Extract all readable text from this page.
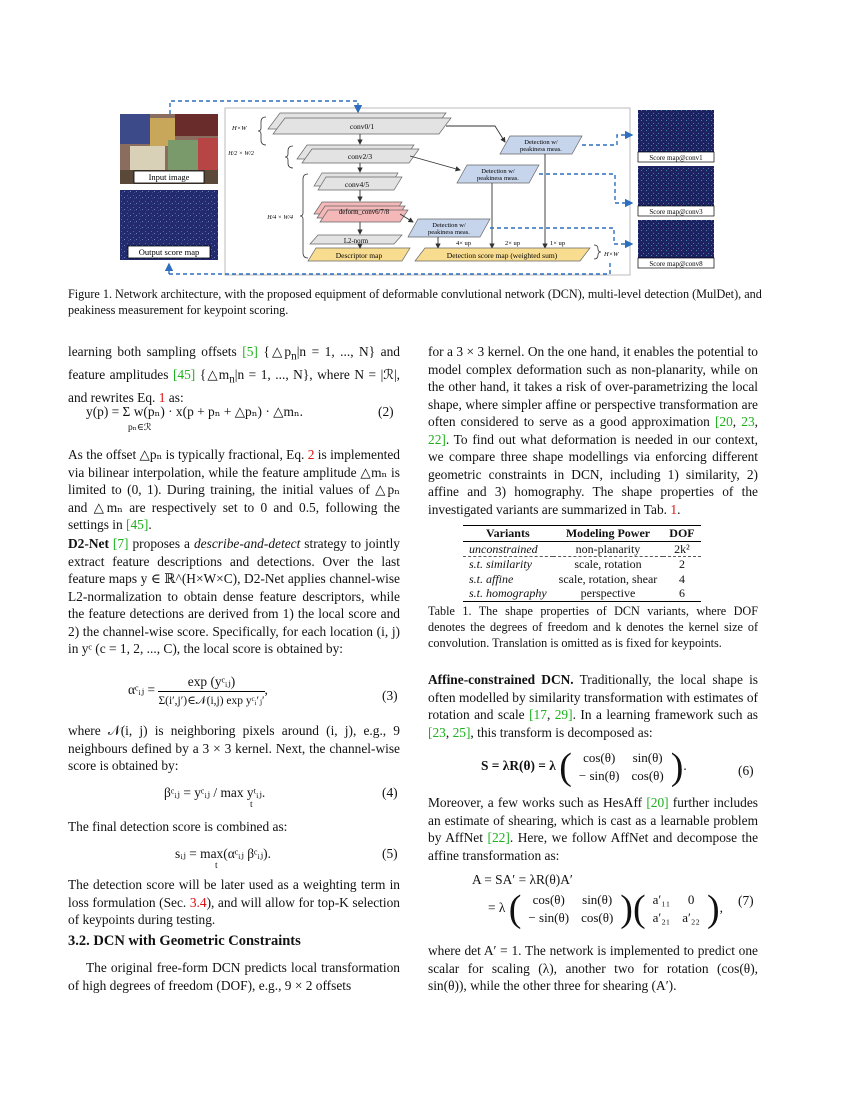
Input image
Output score map
H×W
H/2 × W/2
H/4 × W/4
conv0/1
conv2/3
conv4/5
deform_conv6/7/8
L2-norm
Descriptor map
Detection w/
peakiness meas.
Detection w/
peakiness meas.
Detection w/
peakiness meas.
4× up	2× up	1× up
Detection score map (weighted sum)	H×W
Score map@conv1
Score map@conv3
Score map@conv8
Figure 1. Network architecture, with the proposed equipment of deformable convlutional network (DCN), multi-level detection (MulDet), and peakiness measurement for keypoint scoring.

learning both sampling offsets [5] {$\triangle p_n|n = 1$, ..., N} and feature amplitudes [45] {$\triangle m_n|n = 1$, ..., N}, where N = |ℛ|, and rewrites Eq. 1 as:

y(p) = Σ w(pₙ) · x(p + pₙ + △pₙ) · △mₙ.
pₙ∈ℛ
(2)

As the offset △pₙ is typically fractional, Eq. 2 is implemented via bilinear interpolation, while the feature amplitude △mₙ is limited to (0, 1). During training, the initial values of △pₙ and △mₙ are respectively set to 0 and 0.5, following the settings in [45].

D2-Net [7] proposes a describe-and-detect strategy to jointly extract feature descriptions and detections. Over the last feature maps y ∈ ℝ^(H×W×C), D2-Net applies channel-wise L2-normalization to obtain dense feature descriptors, while the feature detections are derived from 1) the local score and 2) the channel-wise score. Specifically, for each location (i, j) in yᶜ (c = 1, 2, ..., C), the local score is obtained by:

αᶜᵢⱼ = $\frac{\text{exp (yᶜᵢⱼ)}}{\text{Σ(i′,j′)∈𝒩(i,j) exp yᶜᵢ′ⱼ′}}$ ,	(3)
where 𝒩(i, j) is neighboring pixels around (i, j), e.g., 9 neighbours defined by a 3 × 3 kernel. Next, the channel-wise score is obtained by:
βᶜᵢⱼ = yᶜᵢⱼ / max yᵗᵢⱼ.
t
(4)
The final detection score is combined as:
sᵢⱼ = max(αᶜᵢⱼ βᶜᵢⱼ).
t
(5)

The detection score will be later used as a weighting term in loss formulation (Sec. 3.4), and will allow for top-K selection of keypoints during testing.

3.2. DCN with Geometric Constraints
The original free-form DCN predicts local transformation of high degrees of freedom (DOF), e.g., 9 × 2 offsets

for a 3 × 3 kernel. On the one hand, it enables the potential to model complex deformation such as non-planarity, while on the other hand, it takes a risk of over-parametrizing the local shape, where simpler affine or perspective transformation are often considered to serve as a good approximation [20, 23, 22]. To find out what deformation is needed in our context, we compare three shape modellings via enforcing different geometric constraints in DCN, including 1) similarity, 2) affine and 3) homography. The shape properties of the investigated variants are summarized in Tab. 1.

Variants	Modeling Power	DOF
unconstrained	non-planarity	2k²
s.t. similarity	scale, rotation	2
s.t. affine	scale, rotation, shear	4
s.t. homography	perspective	6
Table 1. The shape properties of DCN variants, where DOF denotes the degrees of freedom and k denotes the kernel size of convolution. Translation is omitted as is fixed for keypoints.

Affine-constrained DCN. Traditionally, the local shape is often modelled by similarity transformation with estimates of rotation and scale [17, 29]. In a learning framework such as [23, 25], this transform is decomposed as:

S = λR(θ) = λ ( cos(θ)	sin(θ)
− sin(θ)	cos(θ) ).	(6)

Moreover, a few works such as HesAff [20] further includes an estimate of shearing, which is cast as a learnable problem by AffNet [22]. Here, we follow AffNet and decompose the affine transformation as:

A = SA′ = λR(θ)A′
= λ ( cos(θ)	sin(θ)
− sin(θ)	cos(θ) )( a′₁₁	0
a′₂₁	a′₂₂ ), (7)
where det A′ = 1. The network is implemented to predict one scalar for scaling (λ), another two for rotation (cos(θ), sin(θ)), while the other three for shearing (A′).
